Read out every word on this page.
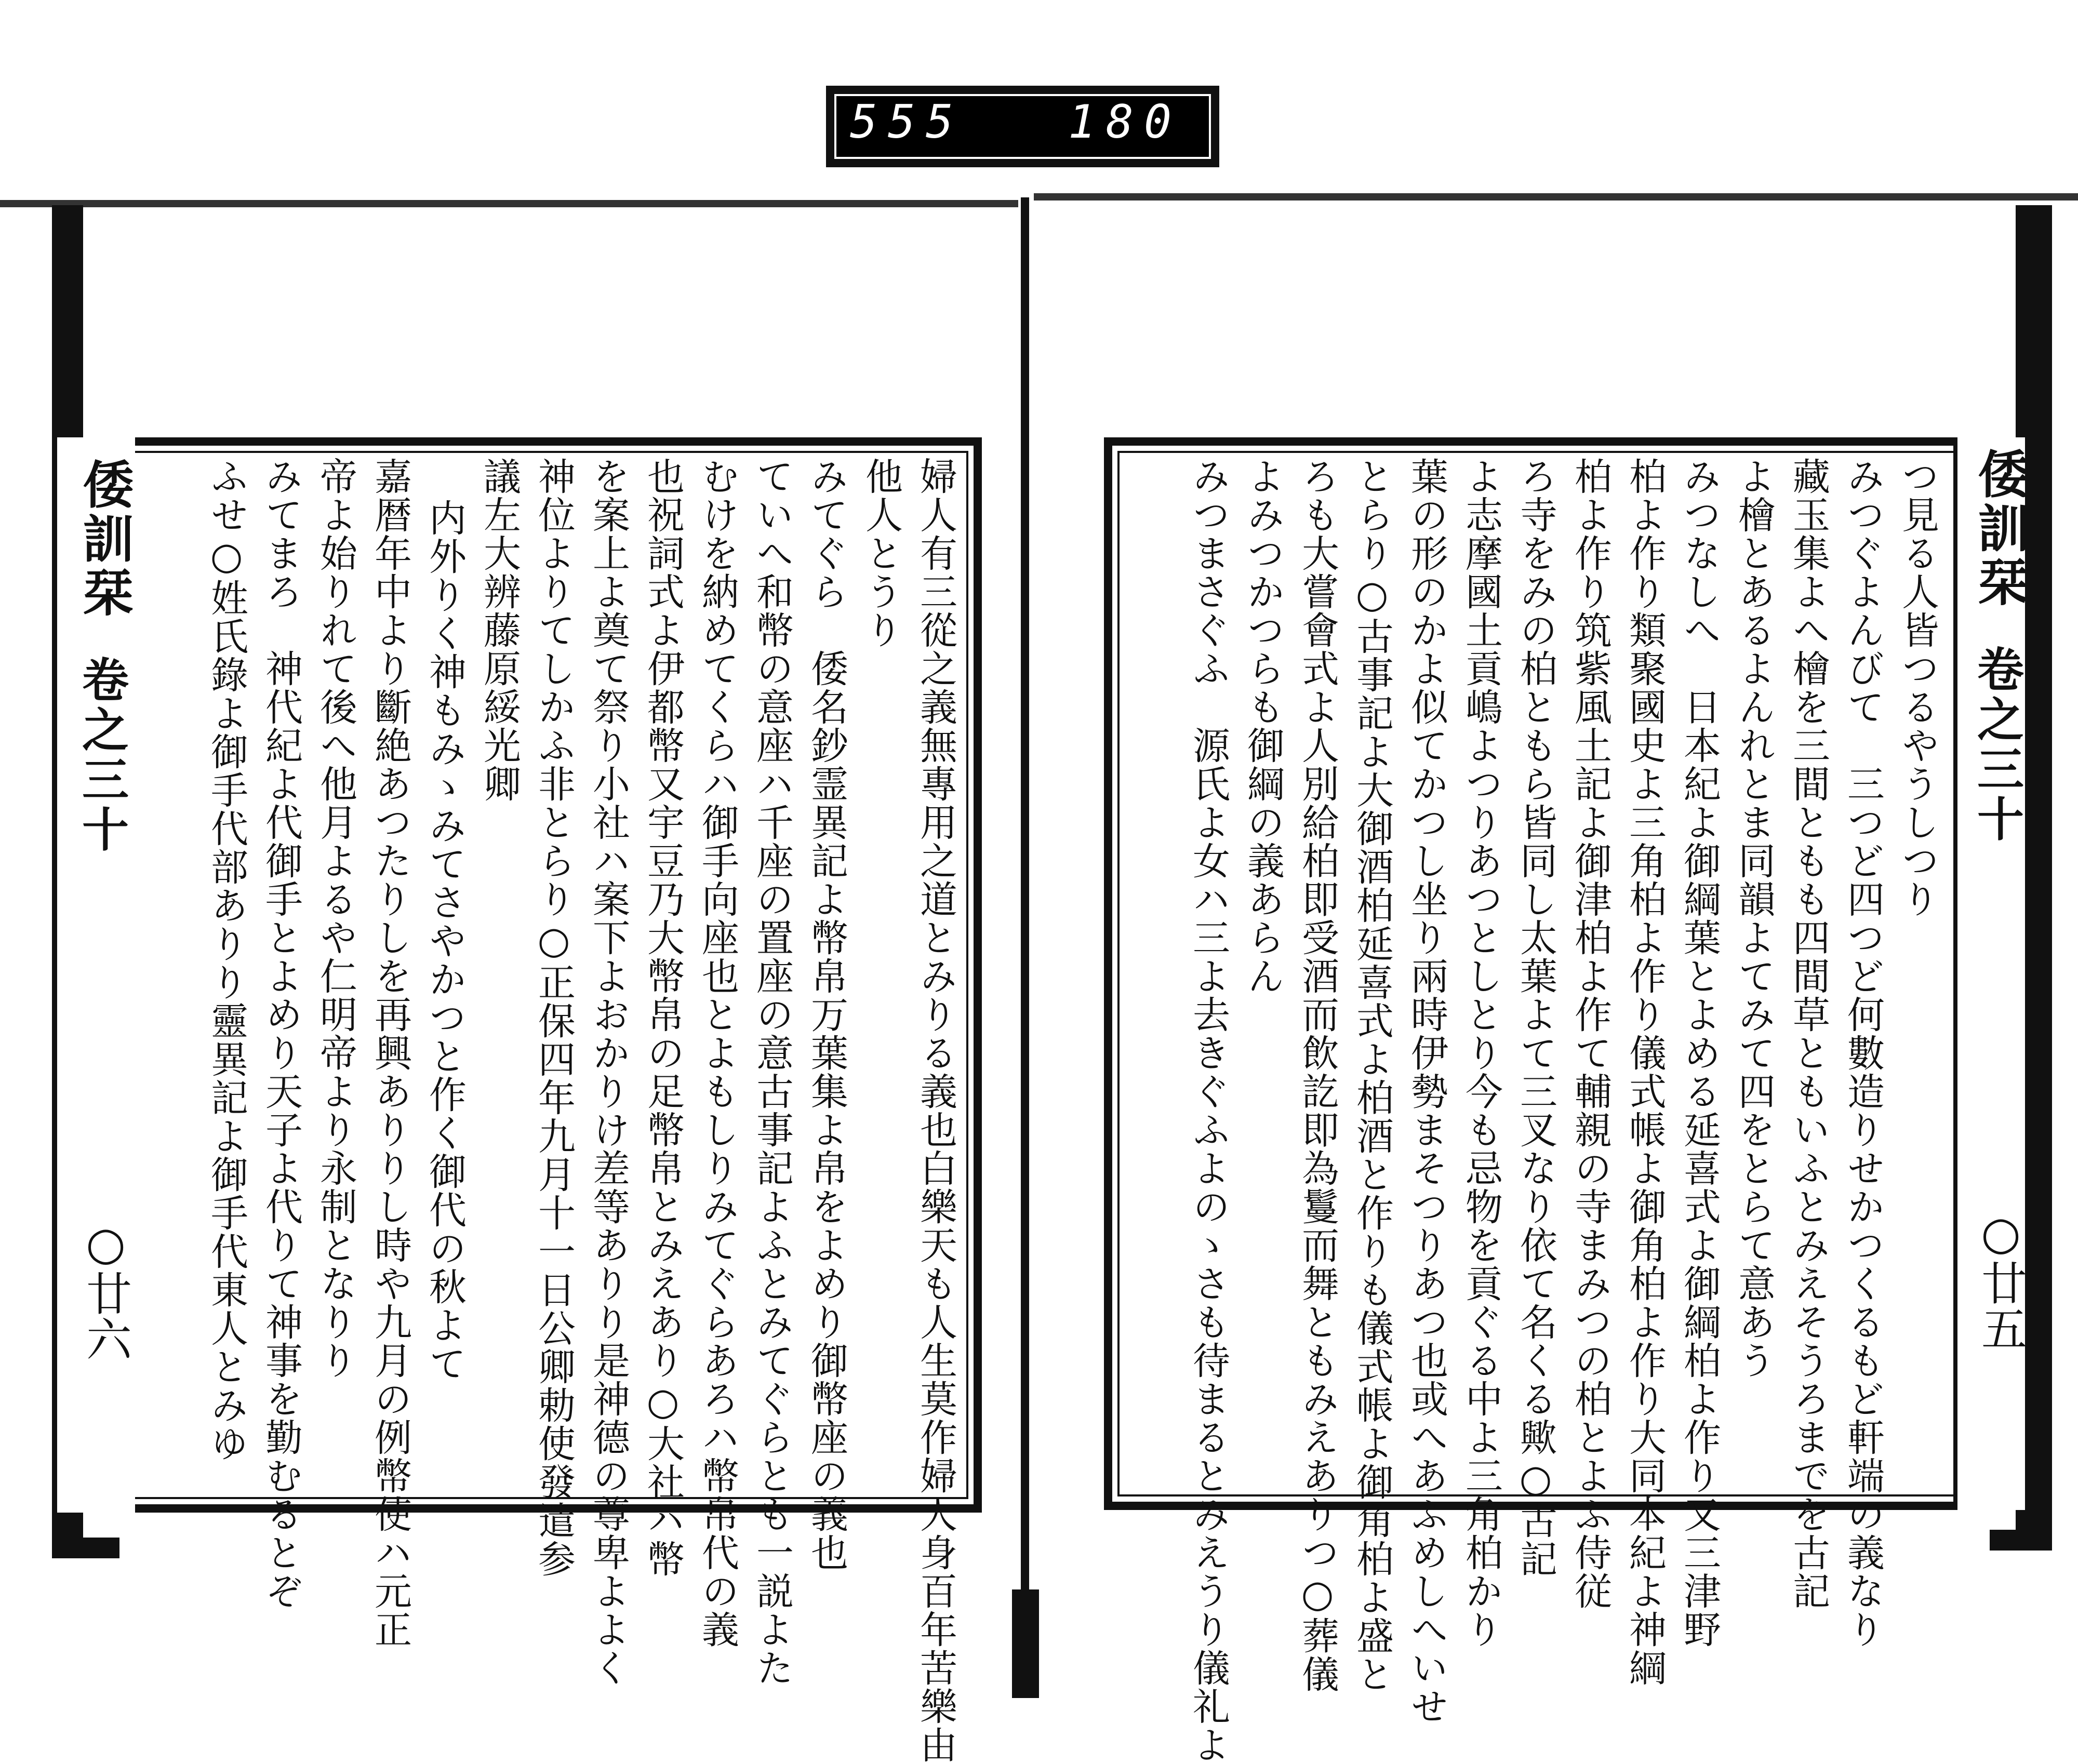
555 180
倭訓栞
卷之三十
○廿六	婦人有三從之義無專用之道とみりる義也白樂天も人生莫作婦人身百年苦樂由
他人とうり
みてぐら　倭名鈔霊異記よ幣帛万葉集よ帛をよめり御幣座の義也
ていへ和幣の意座ハ千座の置座の意古事記よふとみてぐらとも一説よた
むけを納めてくらハ御手向座也とよもしりみてぐらあろハ幣帛代の義
也祝詞式よ伊都幣又宇豆乃大幣帛の足幣帛とみえあり○大社ハ幣
を案上よ奠て祭り小社ハ案下よおかりけ差等ありり是神德の尊卑よよく
神位よりてしかふ非とらり○正保四年九月十一日公卿勅使發遣参
議左大辨藤原綏光卿
内外りく神もみゝみてさやかつと作く御代の秋よて
嘉暦年中より斷絶あつたりしを再興ありりし時や九月の例幣使ハ元正
帝よ始りれて後へ他月よるや仁明帝より永制となりり
みてまろ　神代紀よ代御手とよめり天子よ代りて神事を勤むるとぞ
ふせ○姓氏錄よ御手代部ありり靈異記よ御手代東人とみゆ	倭訓栞
卷之三十
○廿五
つ見る人皆つるやうしつり
みつぐよんびて　三つど四つど何數造りせかつくるもど軒端の義なり
藏玉集よへ檜を三間ともも四間草ともいふとみえそうろまでを古記
よ檜とあるよんれとま同韻よてみて四をとらて意あう
みつなしへ　日本紀よ御綱葉とよめる延喜式よ御綱柏よ作り又三津野
柏よ作り類聚國史よ三角柏よ作り儀式帳よ御角柏よ作り大同本紀よ神綱
柏よ作り筑紫風土記よ御津柏よ作て輔親の寺まみつの柏とよふ侍従
ろ寺をみの柏ともら皆同し太葉よて三叉なり依て名くる歟○古記
よ志摩國土貢嶋よつりあつとしとり今も忌物を貢ぐる中よ三角柏かり
葉の形のかよ似てかつし坐り兩時伊勢まそつりあつ也或へあふめしへいせ
とらり○古事記よ大御酒柏延喜式よ柏酒と作りも儀式帳よ御角柏よ盛と
ろも大嘗會式よ人別給柏即受酒而飲訖即為鬘而舞ともみえありつ○葬儀
よみつかつらも御綱の義あらん
みつまさぐふ　源氏よ女ハ三よ去きぐふよのゝさも待まるとみえうり儀礼よ
